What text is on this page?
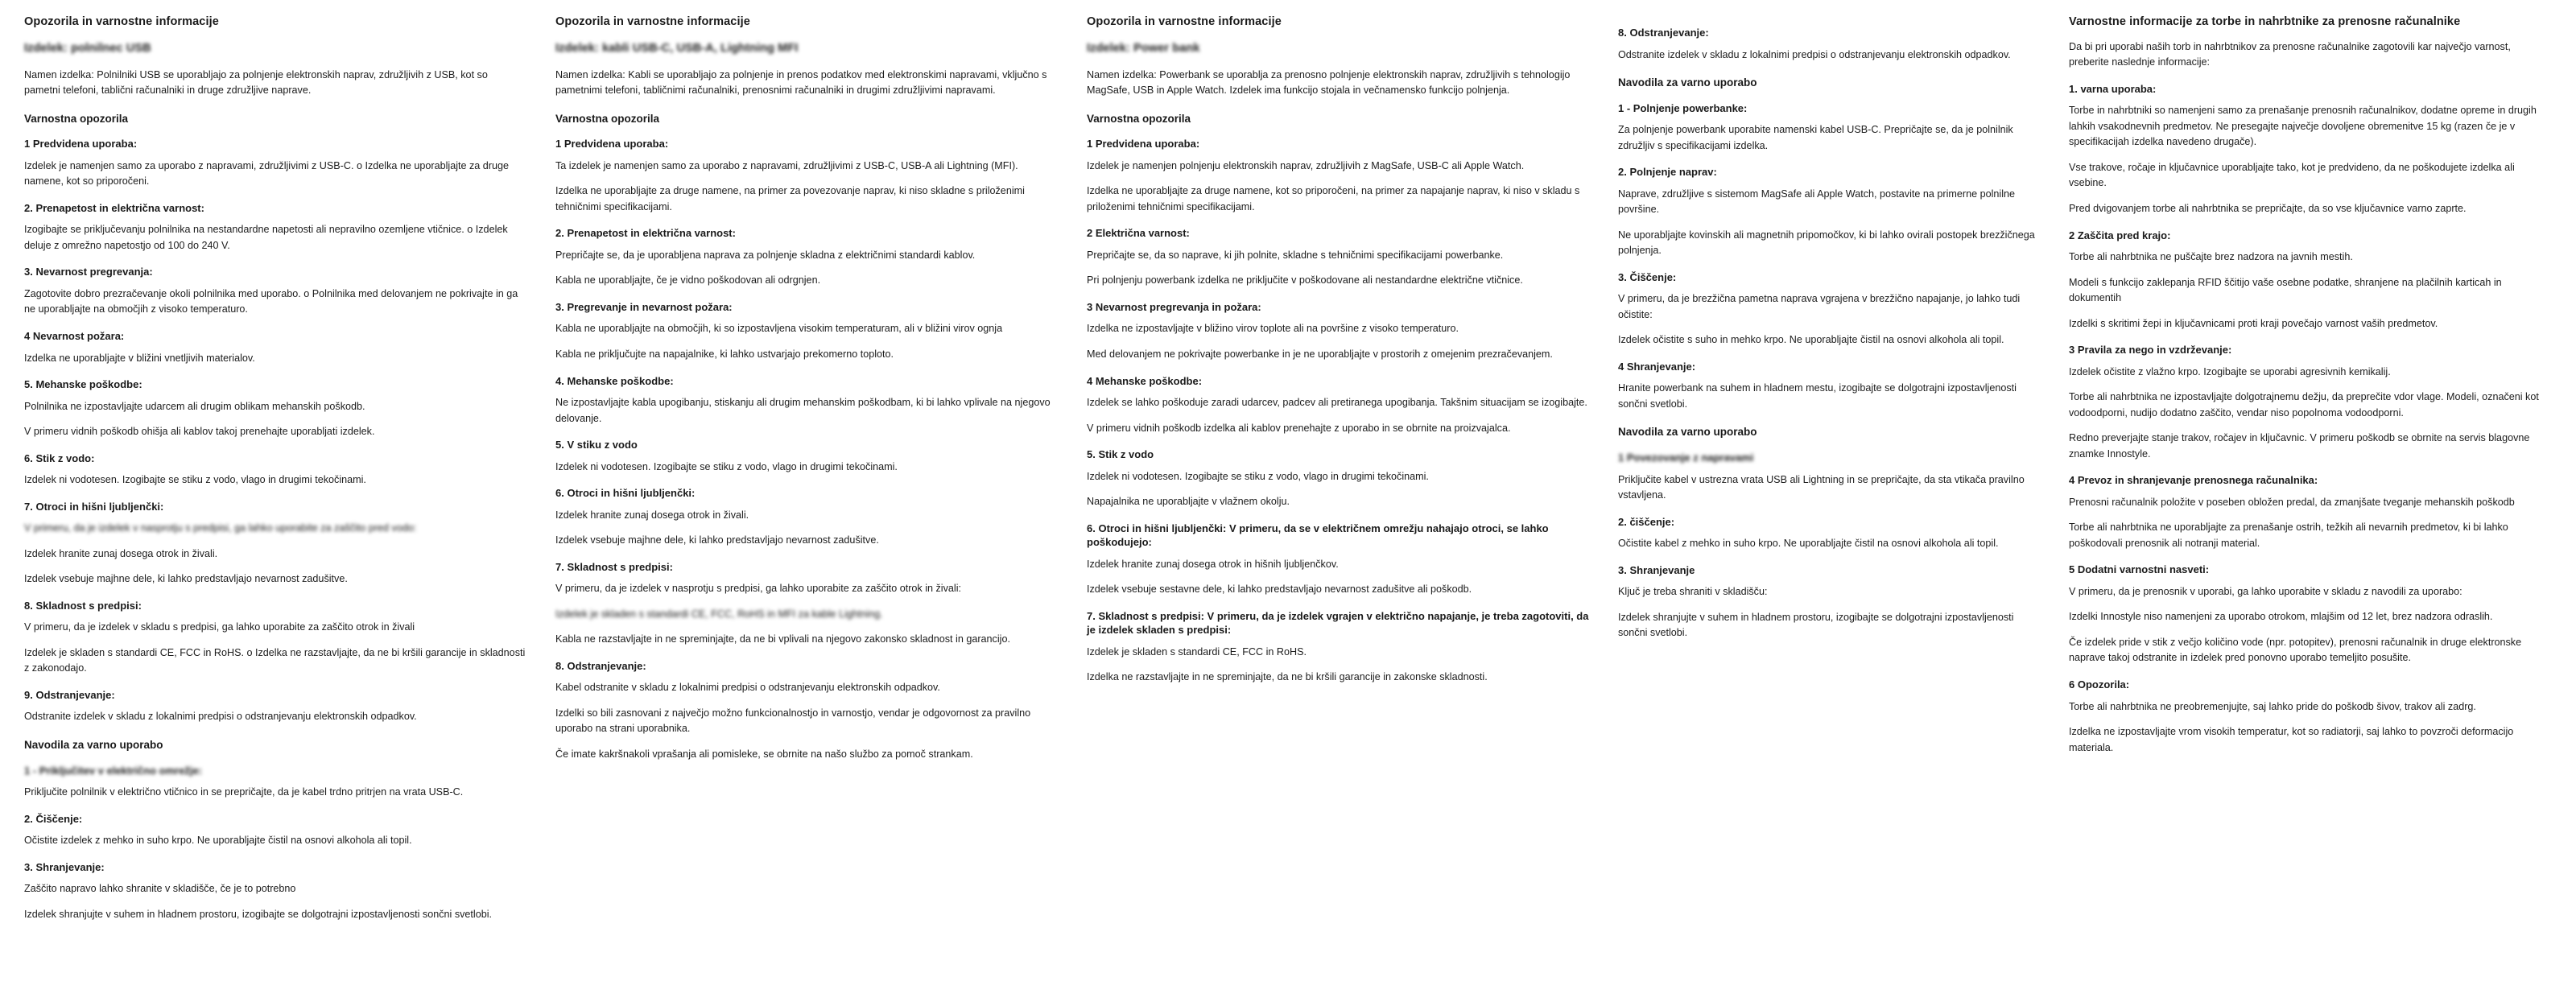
Opozorila in varnostne informacije
Izdelek: polnilnec USB

Namen izdelka: Polnilniki USB se uporabljajo za polnjenje elektronskih naprav, združljivih z USB, kot so pametni telefoni, tablični računalniki in druge združljive naprave.

Varnostna opozorila
1 Predvidena uporaba:

Izdelek je namenjen samo za uporabo z napravami, združljivimi z USB-C. o Izdelka ne uporabljajte za druge namene, kot so priporočeni.

2. Prenapetost in električna varnost:

Izogibajte se priključevanju polnilnika na nestandardne napetosti ali nepravilno ozemljene vtičnice. o Izdelek deluje z omrežno napetostjo od 100 do 240 V.

3. Nevarnost pregrevanja:

Zagotovite dobro prezračevanje okoli polnilnika med uporabo. o Polnilnika med delovanjem ne pokrivajte in ga ne uporabljajte na območjih z visoko temperaturo.

4 Nevarnost požara:

Izdelka ne uporabljajte v bližini vnetljivih materialov.

5. Mehanske poškodbe:

Polnilnika ne izpostavljajte udarcem ali drugim oblikam mehanskih poškodb.

V primeru vidnih poškodb ohišja ali kablov takoj prenehajte uporabljati izdelek.

6. Stik z vodo:

Izdelek ni vodotesen. Izogibajte se stiku z vodo, vlago in drugimi tekočinami.

7. Otroci in hišni ljubljenčki:

V primeru, da je izdelek v nasprotju s predpisi, ga lahko uporabite za zaščito pred vodo:

Izdelek hranite zunaj dosega otrok in živali.

Izdelek vsebuje majhne dele, ki lahko predstavljajo nevarnost zadušitve.

8. Skladnost s predpisi:

V primeru, da je izdelek v skladu s predpisi, ga lahko uporabite za zaščito otrok in živali

Izdelek je skladen s standardi CE, FCC in RoHS. o Izdelka ne razstavljajte, da ne bi kršili garancije in skladnosti z zakonodajo.

9. Odstranjevanje:

Odstranite izdelek v skladu z lokalnimi predpisi o odstranjevanju elektronskih odpadkov.

Navodila za varno uporabo
1 - Priključitev v električno omrežje:

Priključite polnilnik v električno vtičnico in se prepričajte, da je kabel trdno pritrjen na vrata USB-C.

2. Čiščenje:

Očistite izdelek z mehko in suho krpo. Ne uporabljajte čistil na osnovi alkohola ali topil.

3. Shranjevanje:

Zaščito napravo lahko shranite v skladišče, če je to potrebno

Izdelek shranjujte v suhem in hladnem prostoru, izogibajte se dolgotrajni izpostavljenosti sončni svetlobi.

Opozorila in varnostne informacije
Izdelek: kabli USB-C, USB-A, Lightning MFI

Namen izdelka: Kabli se uporabljajo za polnjenje in prenos podatkov med elektronskimi napravami, vključno s pametnimi telefoni, tabličnimi računalniki, prenosnimi računalniki in drugimi združljivimi napravami.

Varnostna opozorila
1 Predvidena uporaba:

Ta izdelek je namenjen samo za uporabo z napravami, združljivimi z USB-C, USB-A ali Lightning (MFI).

Izdelka ne uporabljajte za druge namene, na primer za povezovanje naprav, ki niso skladne s priloženimi tehničnimi specifikacijami.

2. Prenapetost in električna varnost:

Prepričajte se, da je uporabljena naprava za polnjenje skladna z električnimi standardi kablov.

Kabla ne uporabljajte, če je vidno poškodovan ali odrgnjen.

3. Pregrevanje in nevarnost požara:

Kabla ne uporabljajte na območjih, ki so izpostavljena visokim temperaturam, ali v bližini virov ognja

Kabla ne priključujte na napajalnike, ki lahko ustvarjajo prekomerno toploto.

4. Mehanske poškodbe:

Ne izpostavljajte kabla upogibanju, stiskanju ali drugim mehanskim poškodbam, ki bi lahko vplivale na njegovo delovanje.

5. V stiku z vodo

Izdelek ni vodotesen. Izogibajte se stiku z vodo, vlago in drugimi tekočinami.

6. Otroci in hišni ljubljenčki:

Izdelek hranite zunaj dosega otrok in živali.

Izdelek vsebuje majhne dele, ki lahko predstavljajo nevarnost zadušitve.

7. Skladnost s predpisi:

V primeru, da je izdelek v nasprotju s predpisi, ga lahko uporabite za zaščito otrok in živali:

Izdelek je skladen s standardi CE, FCC, RoHS in MFI za kable Lightning.

Kabla ne razstavljajte in ne spreminjajte, da ne bi vplivali na njegovo zakonsko skladnost in garancijo.

8. Odstranjevanje:

Kabel odstranite v skladu z lokalnimi predpisi o odstranjevanju elektronskih odpadkov.

Izdelki so bili zasnovani z največjo možno funkcionalnostjo in varnostjo, vendar je odgovornost za pravilno uporabo na strani uporabnika.

Če imate kakršnakoli vprašanja ali pomisleke, se obrnite na našo službo za pomoč strankam.

Opozorila in varnostne informacije
Izdelek: Power bank

Namen izdelka: Powerbank se uporablja za prenosno polnjenje elektronskih naprav, združljivih s tehnologijo MagSafe, USB in Apple Watch. Izdelek ima funkcijo stojala in večnamensko funkcijo polnjenja.

Varnostna opozorila
1 Predvidena uporaba:

Izdelek je namenjen polnjenju elektronskih naprav, združljivih z MagSafe, USB-C ali Apple Watch.

Izdelka ne uporabljajte za druge namene, kot so priporočeni, na primer za napajanje naprav, ki niso v skladu s priloženimi tehničnimi specifikacijami.

2 Električna varnost:

Prepričajte se, da so naprave, ki jih polnite, skladne s tehničnimi specifikacijami powerbanke.

Pri polnjenju powerbank izdelka ne priključite v poškodovane ali nestandardne električne vtičnice.

3 Nevarnost pregrevanja in požara:

Izdelka ne izpostavljajte v bližino virov toplote ali na površine z visoko temperaturo.

Med delovanjem ne pokrivajte powerbanke in je ne uporabljajte v prostorih z omejenim prezračevanjem.

4 Mehanske poškodbe:

Izdelek se lahko poškoduje zaradi udarcev, padcev ali pretiranega upogibanja. Takšnim situacijam se izogibajte.

V primeru vidnih poškodb izdelka ali kablov prenehajte z uporabo in se obrnite na proizvajalca.

5. Stik z vodo

Izdelek ni vodotesen. Izogibajte se stiku z vodo, vlago in drugimi tekočinami.

Napajalnika ne uporabljajte v vlažnem okolju.

6. Otroci in hišni ljubljenčki: V primeru, da se v električnem omrežju nahajajo otroci, se lahko poškodujejo:

Izdelek hranite zunaj dosega otrok in hišnih ljubljenčkov.

Izdelek vsebuje sestavne dele, ki lahko predstavljajo nevarnost zadušitve ali poškodb.

7. Skladnost s predpisi: V primeru, da je izdelek vgrajen v električno napajanje, je treba zagotoviti, da je izdelek skladen s predpisi:

Izdelek je skladen s standardi CE, FCC in RoHS.

Izdelka ne razstavljajte in ne spreminjajte, da ne bi kršili garancije in zakonske skladnosti.

8. Odstranjevanje:

Odstranite izdelek v skladu z lokalnimi predpisi o odstranjevanju elektronskih odpadkov.

Navodila za varno uporabo
1 - Polnjenje powerbanke:

Za polnjenje powerbank uporabite namenski kabel USB-C. Prepričajte se, da je polnilnik združljiv s specifikacijami izdelka.

2. Polnjenje naprav:

Naprave, združljive s sistemom MagSafe ali Apple Watch, postavite na primerne polnilne površine.

Ne uporabljajte kovinskih ali magnetnih pripomočkov, ki bi lahko ovirali postopek brezžičnega polnjenja.

3. Čiščenje:

V primeru, da je brezžična pametna naprava vgrajena v brezžično napajanje, jo lahko tudi očistite:

Izdelek očistite s suho in mehko krpo. Ne uporabljajte čistil na osnovi alkohola ali topil.

4 Shranjevanje:

Hranite powerbank na suhem in hladnem mestu, izogibajte se dolgotrajni izpostavljenosti sončni svetlobi.

Navodila za varno uporabo
1 Povezovanje z napravami

Priključite kabel v ustrezna vrata USB ali Lightning in se prepričajte, da sta vtikača pravilno vstavljena.

2. čiščenje:

Očistite kabel z mehko in suho krpo. Ne uporabljajte čistil na osnovi alkohola ali topil.

3. Shranjevanje

Ključ je treba shraniti v skladišču:

Izdelek shranjujte v suhem in hladnem prostoru, izogibajte se dolgotrajni izpostavljenosti sončni svetlobi.

Varnostne informacije za torbe in nahrbtnike za prenosne računalnike

Da bi pri uporabi naših torb in nahrbtnikov za prenosne računalnike zagotovili kar največjo varnost, preberite naslednje informacije:

1. varna uporaba:

Torbe in nahrbtniki so namenjeni samo za prenašanje prenosnih računalnikov, dodatne opreme in drugih lahkih vsakodnevnih predmetov. Ne presegajte največje dovoljene obremenitve 15 kg (razen če je v specifikacijah izdelka navedeno drugače).

Vse trakove, ročaje in ključavnice uporabljajte tako, kot je predvideno, da ne poškodujete izdelka ali vsebine.

Pred dvigovanjem torbe ali nahrbtnika se prepričajte, da so vse ključavnice varno zaprte.

2 Zaščita pred krajo:

Torbe ali nahrbtnika ne puščajte brez nadzora na javnih mestih.

Modeli s funkcijo zaklepanja RFID ščitijo vaše osebne podatke, shranjene na plačilnih karticah in dokumentih

Izdelki s skritimi žepi in ključavnicami proti kraji povečajo varnost vaših predmetov.

3 Pravila za nego in vzdrževanje:

Izdelek očistite z vlažno krpo. Izogibajte se uporabi agresivnih kemikalij.

Torbe ali nahrbtnika ne izpostavljajte dolgotrajnemu dežju, da preprečite vdor vlage. Modeli, označeni kot vodoodporni, nudijo dodatno zaščito, vendar niso popolnoma vodoodporni.

Redno preverjajte stanje trakov, ročajev in ključavnic. V primeru poškodb se obrnite na servis blagovne znamke Innostyle.

4 Prevoz in shranjevanje prenosnega računalnika:

Prenosni računalnik položite v poseben obložen predal, da zmanjšate tveganje mehanskih poškodb

Torbe ali nahrbtnika ne uporabljajte za prenašanje ostrih, težkih ali nevarnih predmetov, ki bi lahko poškodovali prenosnik ali notranji material.

5 Dodatni varnostni nasveti:

V primeru, da je prenosnik v uporabi, ga lahko uporabite v skladu z navodili za uporabo:

Izdelki Innostyle niso namenjeni za uporabo otrokom, mlajšim od 12 let, brez nadzora odraslih.

Če izdelek pride v stik z večjo količino vode (npr. potopitev), prenosni računalnik in druge elektronske naprave takoj odstranite in izdelek pred ponovno uporabo temeljito posušite.

6 Opozorila:

Torbe ali nahrbtnika ne preobremenjujte, saj lahko pride do poškodb šivov, trakov ali zadrg.

Izdelka ne izpostavljajte vrom visokih temperatur, kot so radiatorji, saj lahko to povzroči deformacijo materiala.
